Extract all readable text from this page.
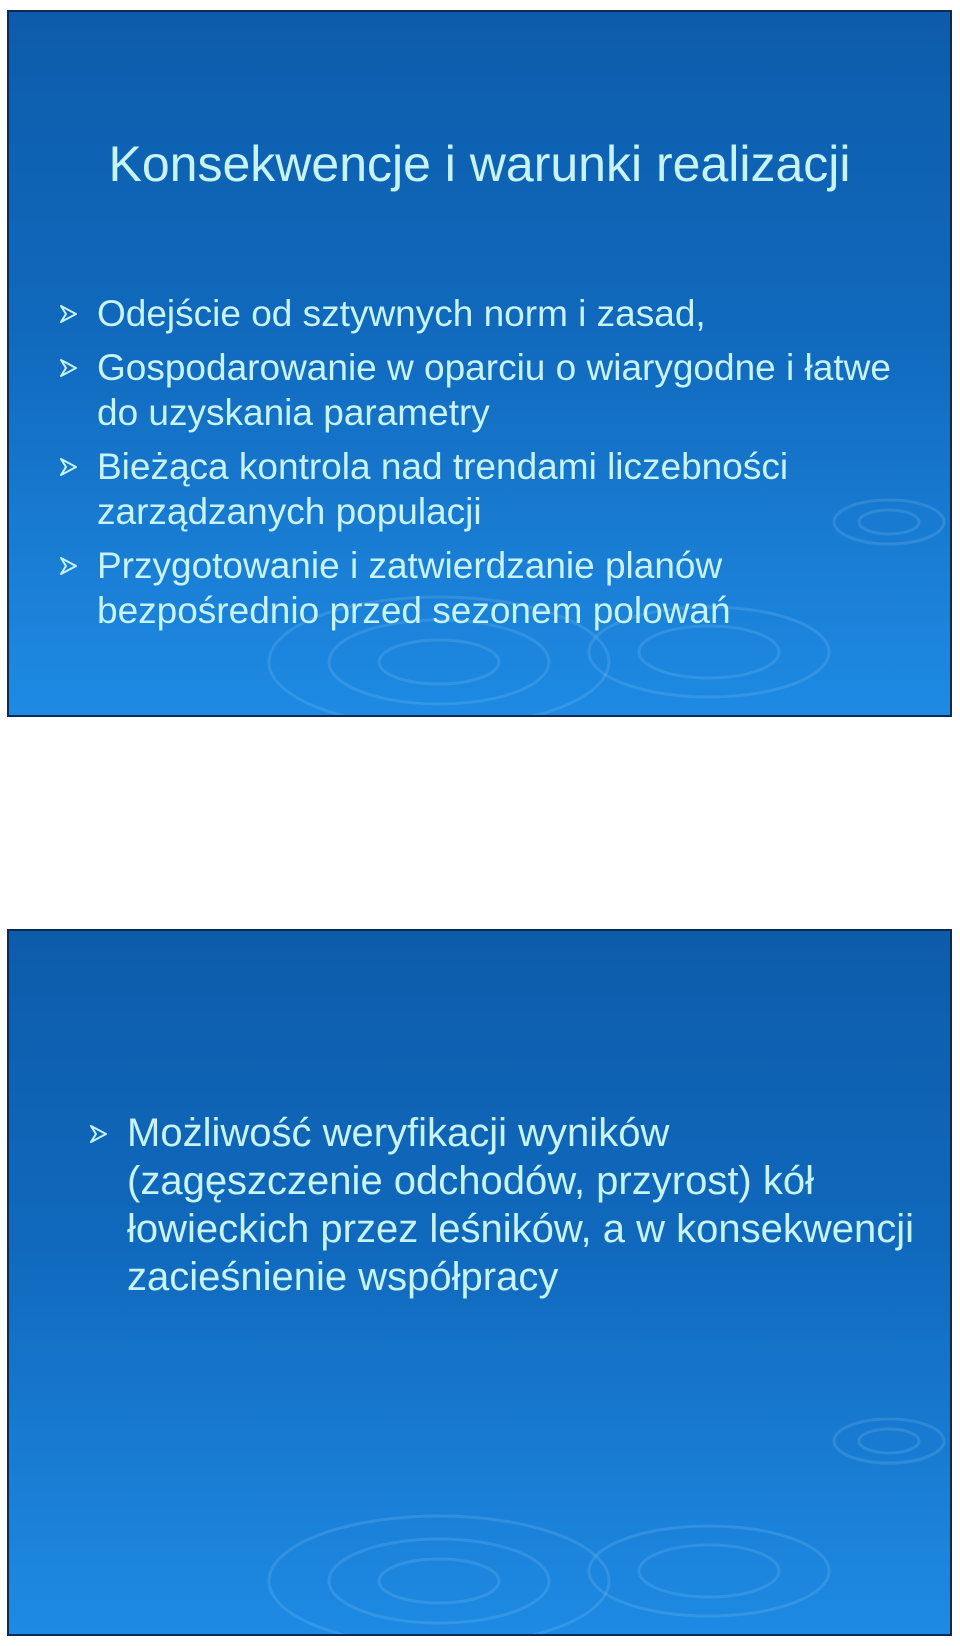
Konsekwencje i warunki realizacji
Odejście od sztywnych norm i zasad,
Gospodarowanie w oparciu o wiarygodne i łatwe do uzyskania parametry
Bieżąca kontrola nad trendami liczebności zarządzanych populacji
Przygotowanie i zatwierdzanie planów bezpośrednio przed sezonem polowań
Możliwość weryfikacji wyników (zagęszczenie odchodów, przyrost) kół łowieckich przez leśników, a w konsekwencji zacieśnienie współpracy
